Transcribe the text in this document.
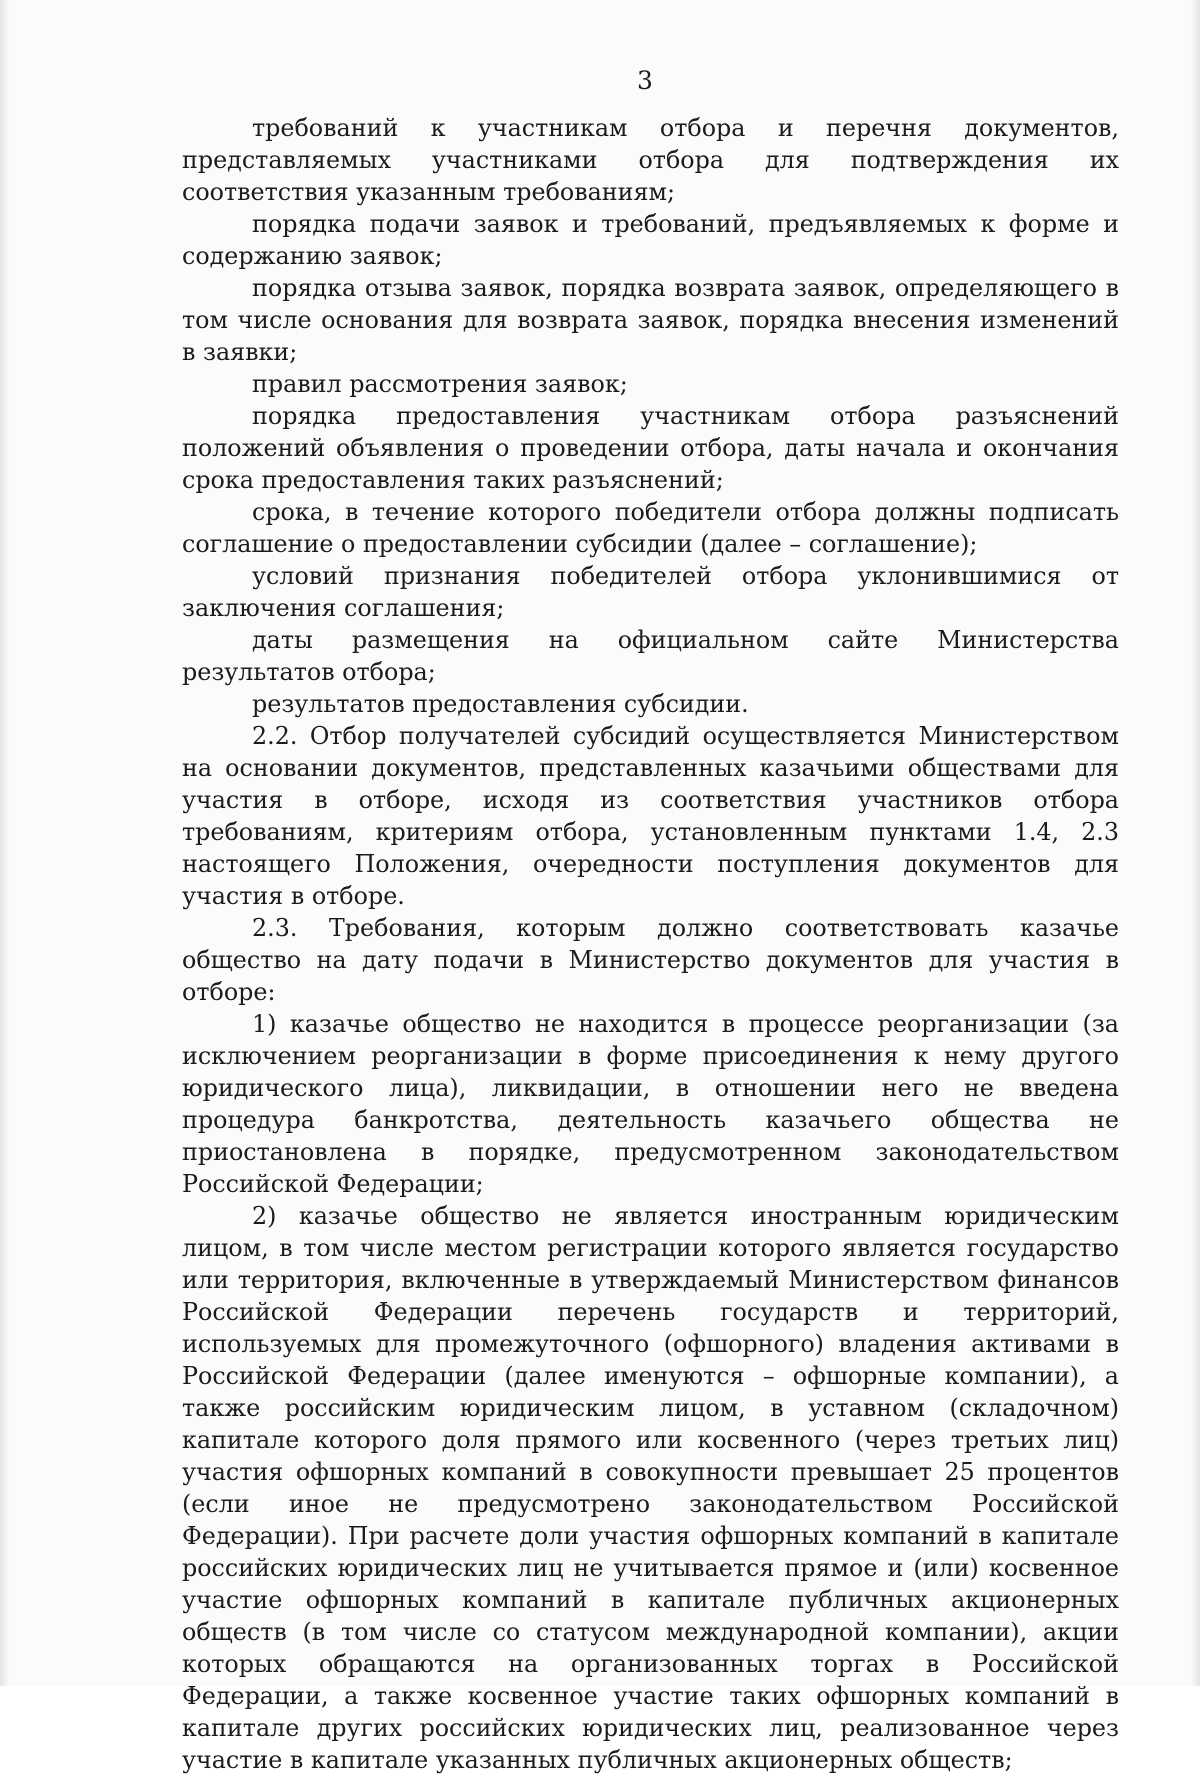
3

требований к участникам отбора и перечня документов, представляемых участниками отбора для подтверждения их соответствия указанным требованиям;

порядка подачи заявок и требований, предъявляемых к форме и содержанию заявок;

порядка отзыва заявок, порядка возврата заявок, определяющего в том числе основания для возврата заявок, порядка внесения изменений в заявки;

правил рассмотрения заявок;

порядка предоставления участникам отбора разъяснений положений объявления о проведении отбора, даты начала и окончания срока предоставления таких разъяснений;

срока, в течение которого победители отбора должны подписать соглашение о предоставлении субсидии (далее – соглашение);

условий признания победителей отбора уклонившимися от заключения соглашения;

даты размещения на официальном сайте Министерства результатов отбора;

результатов предоставления субсидии.

2.2. Отбор получателей субсидий осуществляется Министерством на основании документов, представленных казачьими обществами для участия в отборе, исходя из соответствия участников отбора требованиям, критериям отбора, установленным пунктами 1.4, 2.3 настоящего Положения, очередности поступления документов для участия в отборе.

2.3. Требования, которым должно соответствовать казачье общество на дату подачи в Министерство документов для участия в отборе:

1) казачье общество не находится в процессе реорганизации (за исключением реорганизации в форме присоединения к нему другого юридического лица), ликвидации, в отношении него не введена процедура банкротства, деятельность казачьего общества не приостановлена в порядке, предусмотренном законодательством Российской Федерации;

2) казачье общество не является иностранным юридическим лицом, в том числе местом регистрации которого является государство или территория, включенные в утверждаемый Министерством финансов Российской Федерации перечень государств и территорий, используемых для промежуточного (офшорного) владения активами в Российской Федерации (далее именуются – офшорные компании), а также российским юридическим лицом, в уставном (складочном) капитале которого доля прямого или косвенного (через третьих лиц) участия офшорных компаний в совокупности превышает 25 процентов (если иное не предусмотрено законодательством Российской Федерации). При расчете доли участия офшорных компаний в капитале российских юридических лиц не учитывается прямое и (или) косвенное участие офшорных компаний в капитале публичных акционерных обществ (в том числе со статусом международной компании), акции которых обращаются на организованных торгах в Российской Федерации, а также косвенное участие таких офшорных компаний в капитале других российских юридических лиц, реализованное через участие в капитале указанных публичных акционерных обществ;
